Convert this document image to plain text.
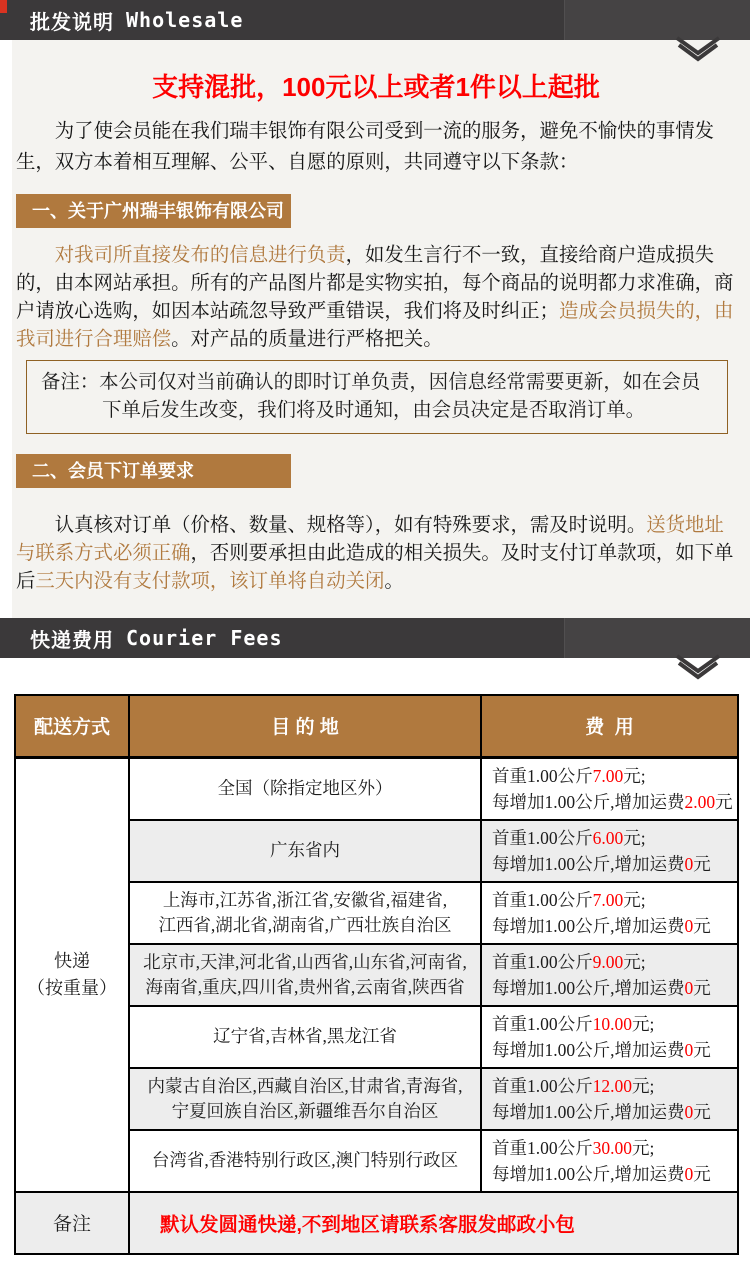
批发说明 Wholesale
支持混批，100元以上或者1件以上起批

为了使会员能在我们瑞丰银饰有限公司受到一流的服务，避免不愉快的事情发生，双方本着相互理解、公平、自愿的原则，共同遵守以下条款：

一、关于广州瑞丰银饰有限公司

对我司所直接发布的信息进行负责，如发生言行不一致，直接给商户造成损失的，由本网站承担。所有的产品图片都是实物实拍，每个商品的说明都力求准确，商户请放心选购，如因本站疏忽导致严重错误，我们将及时纠正；造成会员损失的，由我司进行合理赔偿。对产品的质量进行严格把关。

备注：本公司仅对当前确认的即时订单负责，因信息经常需要更新，如在会员下单后发生改变，我们将及时通知，由会员决定是否取消订单。
二、会员下订单要求

认真核对订单（价格、数量、规格等），如有特殊要求，需及时说明。送货地址与联系方式必须正确，否则要承担由此造成的相关损失。及时支付订单款项，如下单后三天内没有支付款项，该订单将自动关闭。

快递费用 Courier Fees
配送方式	目 的 地	费  用
快递
（按重量）	全国（除指定地区外）	首重1.00公斤7.00元;
每增加1.00公斤,增加运费2.00元
	广东省内	首重1.00公斤6.00元;
每增加1.00公斤,增加运费0元
	上海市,江苏省,浙江省,安徽省,福建省,
江西省,湖北省,湖南省,广西壮族自治区	首重1.00公斤7.00元;
每增加1.00公斤,增加运费0元
	北京市,天津,河北省,山西省,山东省,河南省,
海南省,重庆,四川省,贵州省,云南省,陕西省	首重1.00公斤9.00元;
每增加1.00公斤,增加运费0元
	辽宁省,吉林省,黑龙江省	首重1.00公斤10.00元;
每增加1.00公斤,增加运费0元
	内蒙古自治区,西藏自治区,甘肃省,青海省,
宁夏回族自治区,新疆维吾尔自治区	首重1.00公斤12.00元;
每增加1.00公斤,增加运费0元
	台湾省,香港特别行政区,澳门特别行政区	首重1.00公斤30.00元;
每增加1.00公斤,增加运费0元
备注	默认发圆通快递,不到地区请联系客服发邮政小包	
